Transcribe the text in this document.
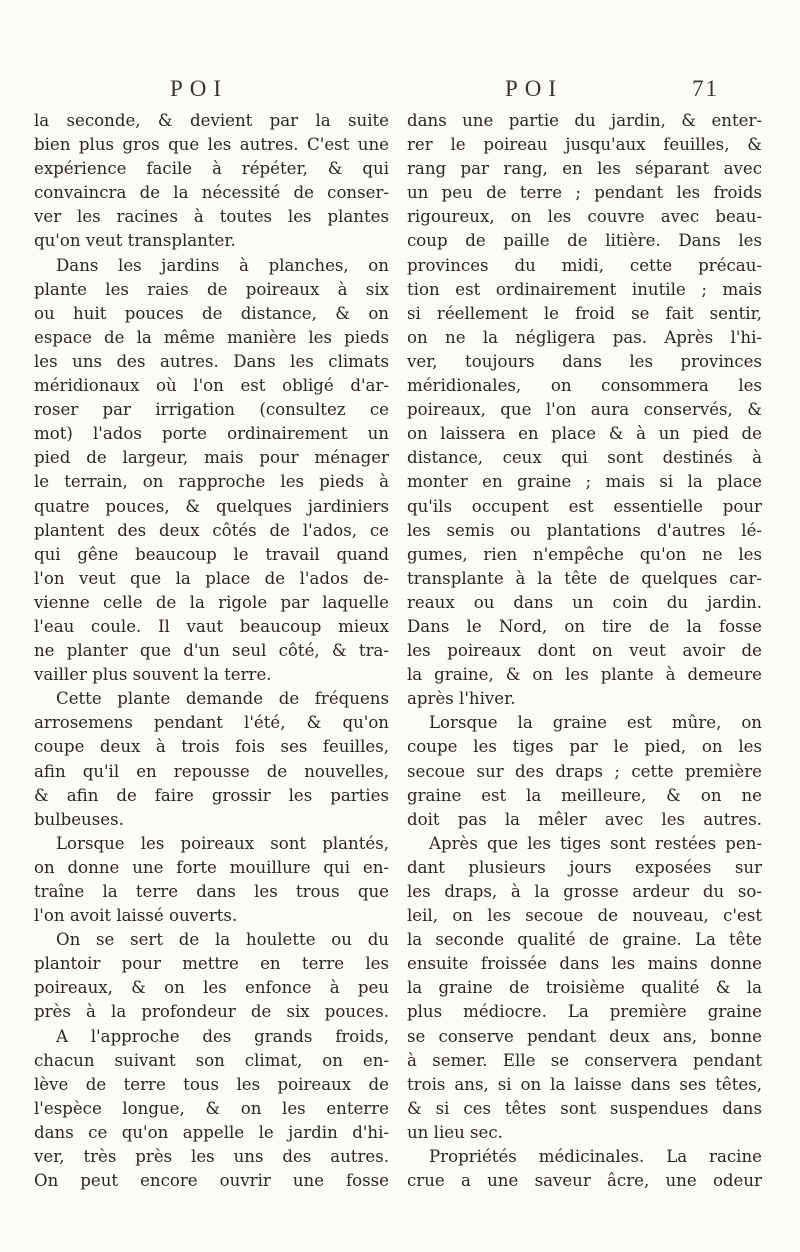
POI	POI	71
la seconde, & devient par la suite
bien plus gros que les autres. C'est une
expérience facile à répéter, & qui
convaincra de la nécessité de conser-
ver les racines à toutes les plantes
qu'on veut transplanter.
Dans les jardins à planches, on
plante les raies de poireaux à six
ou huit pouces de distance, & on
espace de la même manière les pieds
les uns des autres. Dans les climats
méridionaux où l'on est obligé d'ar-
roser par irrigation (consultez ce
mot) l'ados porte ordinairement un
pied de largeur, mais pour ménager
le terrain, on rapproche les pieds à
quatre pouces, & quelques jardiniers
plantent des deux côtés de l'ados, ce
qui gêne beaucoup le travail quand
l'on veut que la place de l'ados de-
vienne celle de la rigole par laquelle
l'eau coule. Il vaut beaucoup mieux
ne planter que d'un seul côté, & tra-
vailler plus souvent la terre.
Cette plante demande de fréquens
arrosemens pendant l'été, & qu'on
coupe deux à trois fois ses feuilles,
afin qu'il en repousse de nouvelles,
& afin de faire grossir les parties
bulbeuses.
Lorsque les poireaux sont plantés,
on donne une forte mouillure qui en-
traîne la terre dans les trous que
l'on avoit laissé ouverts.
On se sert de la houlette ou du
plantoir pour mettre en terre les
poireaux, & on les enfonce à peu
près à la profondeur de six pouces.
A l'approche des grands froids,
chacun suivant son climat, on en-
lève de terre tous les poireaux de
l'espèce longue, & on les enterre
dans ce qu'on appelle le jardin d'hi-
ver, très près les uns des autres.
On peut encore ouvrir une fosse
dans une partie du jardin, & enter-
rer le poireau jusqu'aux feuilles, &
rang par rang, en les séparant avec
un peu de terre ; pendant les froids
rigoureux, on les couvre avec beau-
coup de paille de litière. Dans les
provinces du midi, cette précau-
tion est ordinairement inutile ; mais
si réellement le froid se fait sentir,
on ne la négligera pas. Après l'hi-
ver, toujours dans les provinces
méridionales, on consommera les
poireaux, que l'on aura conservés, &
on laissera en place & à un pied de
distance, ceux qui sont destinés à
monter en graine ; mais si la place
qu'ils occupent est essentielle pour
les semis ou plantations d'autres lé-
gumes, rien n'empêche qu'on ne les
transplante à la tête de quelques car-
reaux ou dans un coin du jardin.
Dans le Nord, on tire de la fosse
les poireaux dont on veut avoir de
la graine, & on les plante à demeure
après l'hiver.
Lorsque la graine est mûre, on
coupe les tiges par le pied, on les
secoue sur des draps ; cette première
graine est la meilleure, & on ne
doit pas la mêler avec les autres.
Après que les tiges sont restées pen-
dant plusieurs jours exposées sur
les draps, à la grosse ardeur du so-
leil, on les secoue de nouveau, c'est
la seconde qualité de graine. La tête
ensuite froissée dans les mains donne
la graine de troisième qualité & la
plus médiocre. La première graine
se conserve pendant deux ans, bonne
à semer. Elle se conservera pendant
trois ans, si on la laisse dans ses têtes,
& si ces têtes sont suspendues dans
un lieu sec.
Propriétés médicinales. La racine
crue a une saveur âcre, une odeur
